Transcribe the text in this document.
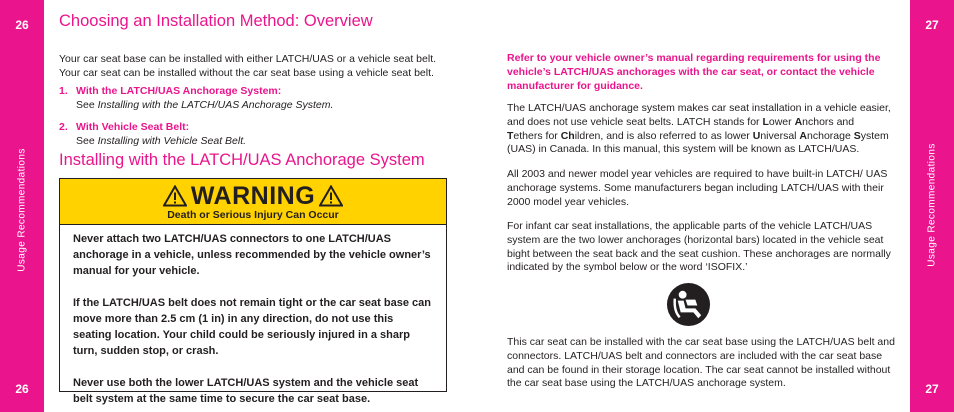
26
Usage Recommendations
26
27
Usage Recommendations
27
Choosing an Installation Method: Overview
Your car seat base can be installed with either LATCH/UAS or a vehicle seat belt.
Your car seat can be installed without the car seat base using a vehicle seat belt.
1. With the LATCH/UAS Anchorage System:
See Installing with the LATCH/UAS Anchorage System.
2. With Vehicle Seat Belt:
See Installing with Vehicle Seat Belt.
Installing with the LATCH/UAS Anchorage System
WARNING
Death or Serious Injury Can Occur

Never attach two LATCH/UAS connectors to one LATCH/UAS anchorage in a vehicle, unless recommended by the vehicle owner’s manual for your vehicle.

If the LATCH/UAS belt does not remain tight or the car seat base can move more than 2.5 cm (1 in) in any direction, do not use this seating location. Your child could be seriously injured in a sharp turn, sudden stop, or crash.

Never use both the lower LATCH/UAS system and the vehicle seat belt system at the same time to secure the car seat base.

Refer to your vehicle owner’s manual regarding requirements for using the vehicle’s LATCH/UAS anchorages with the car seat, or contact the vehicle manufacturer for guidance.
The LATCH/UAS anchorage system makes car seat installation in a vehicle easier, and does not use vehicle seat belts. LATCH stands for Lower Anchors and
Tethers for Children, and is also referred to as lower Universal Anchorage System (UAS) in Canada. In this manual, this system will be known as LATCH/UAS.
All 2003 and newer model year vehicles are required to have built-in LATCH/ UAS anchorage systems. Some manufacturers began including LATCH/UAS with their 2000 model year vehicles.
For infant car seat installations, the applicable parts of the vehicle LATCH/UAS system are the two lower anchorages (horizontal bars) located in the vehicle seat bight between the seat back and the seat cushion. These anchorages are normally indicated by the symbol below or the word ‘ISOFIX.’
This car seat can be installed with the car seat base using the LATCH/UAS belt and connectors. LATCH/UAS belt and connectors are included with the car seat base and can be found in their storage location. The car seat cannot be installed without the car seat base using the LATCH/UAS anchorage system.
